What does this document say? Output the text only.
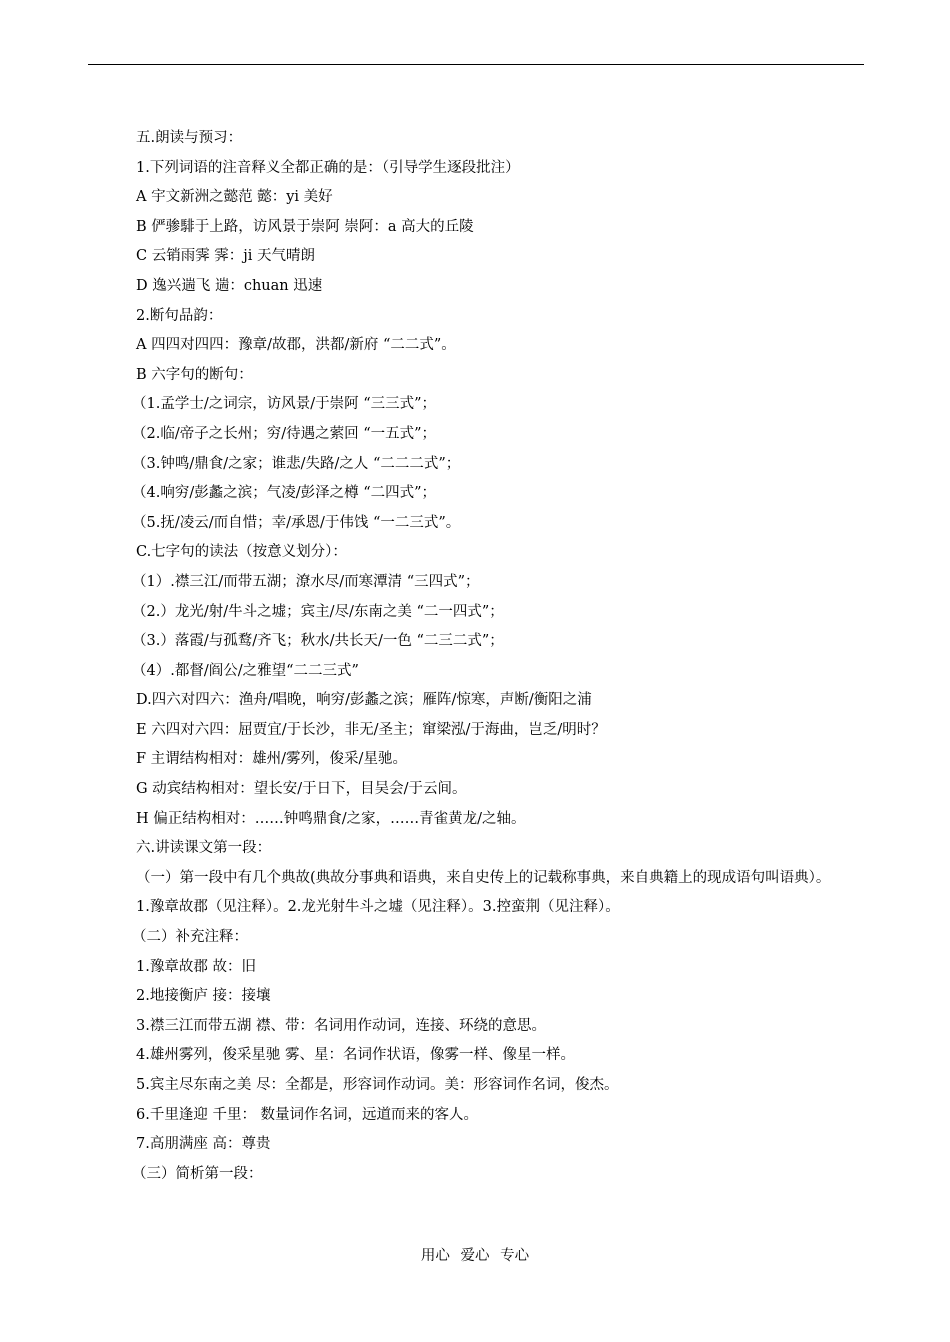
五.朗读与预习：
1.下列词语的注音释义全都正确的是：（引导学生逐段批注）
A 宇文新洲之懿范 懿：yi 美好
B 俨骖騑于上路，访风景于崇阿 崇阿：a 高大的丘陵
C 云销雨霁 霁：ji 天气晴朗
D 逸兴遄飞 遄：chuan 迅速
2.断句品韵：
A 四四对四四：豫章/故郡，洪都/新府 “二二式”。
B 六字句的断句：
（1.孟学士/之词宗，访风景/于崇阿 “三三式”；
（2.临/帝子之长州；穷/待遇之萦回 “一五式”；
（3.钟鸣/鼎食/之家；谁悲/失路/之人 “二二二式”；
（4.响穷/彭蠡之滨；气凌/彭泽之樽 “二四式”；
（5.抚/凌云/而自惜；幸/承恩/于伟饯 “一二三式”。
C.七字句的读法（按意义划分）：
（1）.襟三江/而带五湖；潦水尽/而寒潭清 “三四式”；
（2.）龙光/射/牛斗之墟；宾主/尽/东南之美 “二一四式”；
（3.）落霞/与孤鹜/齐飞；秋水/共长天/一色 “二三二式”；
（4）.都督/阎公/之雅望“二二三式”
D.四六对四六：渔舟/唱晚，响穷/彭蠡之滨；雁阵/惊寒，声断/衡阳之浦
E 六四对六四：屈贾宜/于长沙，非无/圣主；窜梁泓/于海曲，岂乏/明时？
F 主谓结构相对：雄州/雾列，俊采/星驰。
G 动宾结构相对：望长安/于日下，目吴会/于云间。
H 偏正结构相对：……钟鸣鼎食/之家，……青雀黄龙/之轴。
六.讲读课文第一段：
（一）第一段中有几个典故(典故分事典和语典，来自史传上的记载称事典，来自典籍上的现成语句叫语典）。
1.豫章故郡（见注释）。2.龙光射牛斗之墟（见注释）。3.控蛮荆（见注释）。
（二）补充注释：
1.豫章故郡 故：旧
2.地接衡庐 接：接壤
3.襟三江而带五湖 襟、带：名词用作动词，连接、环绕的意思。
4.雄州雾列，俊采星驰 雾、星：名词作状语，像雾一样、像星一样。
5.宾主尽东南之美 尽：全都是，形容词作动词。美：形容词作名词，俊杰。
6.千里逢迎 千里： 数量词作名词，远道而来的客人。
7.高朋满座 高：尊贵
（三）简析第一段：
用心 爱心 专心
